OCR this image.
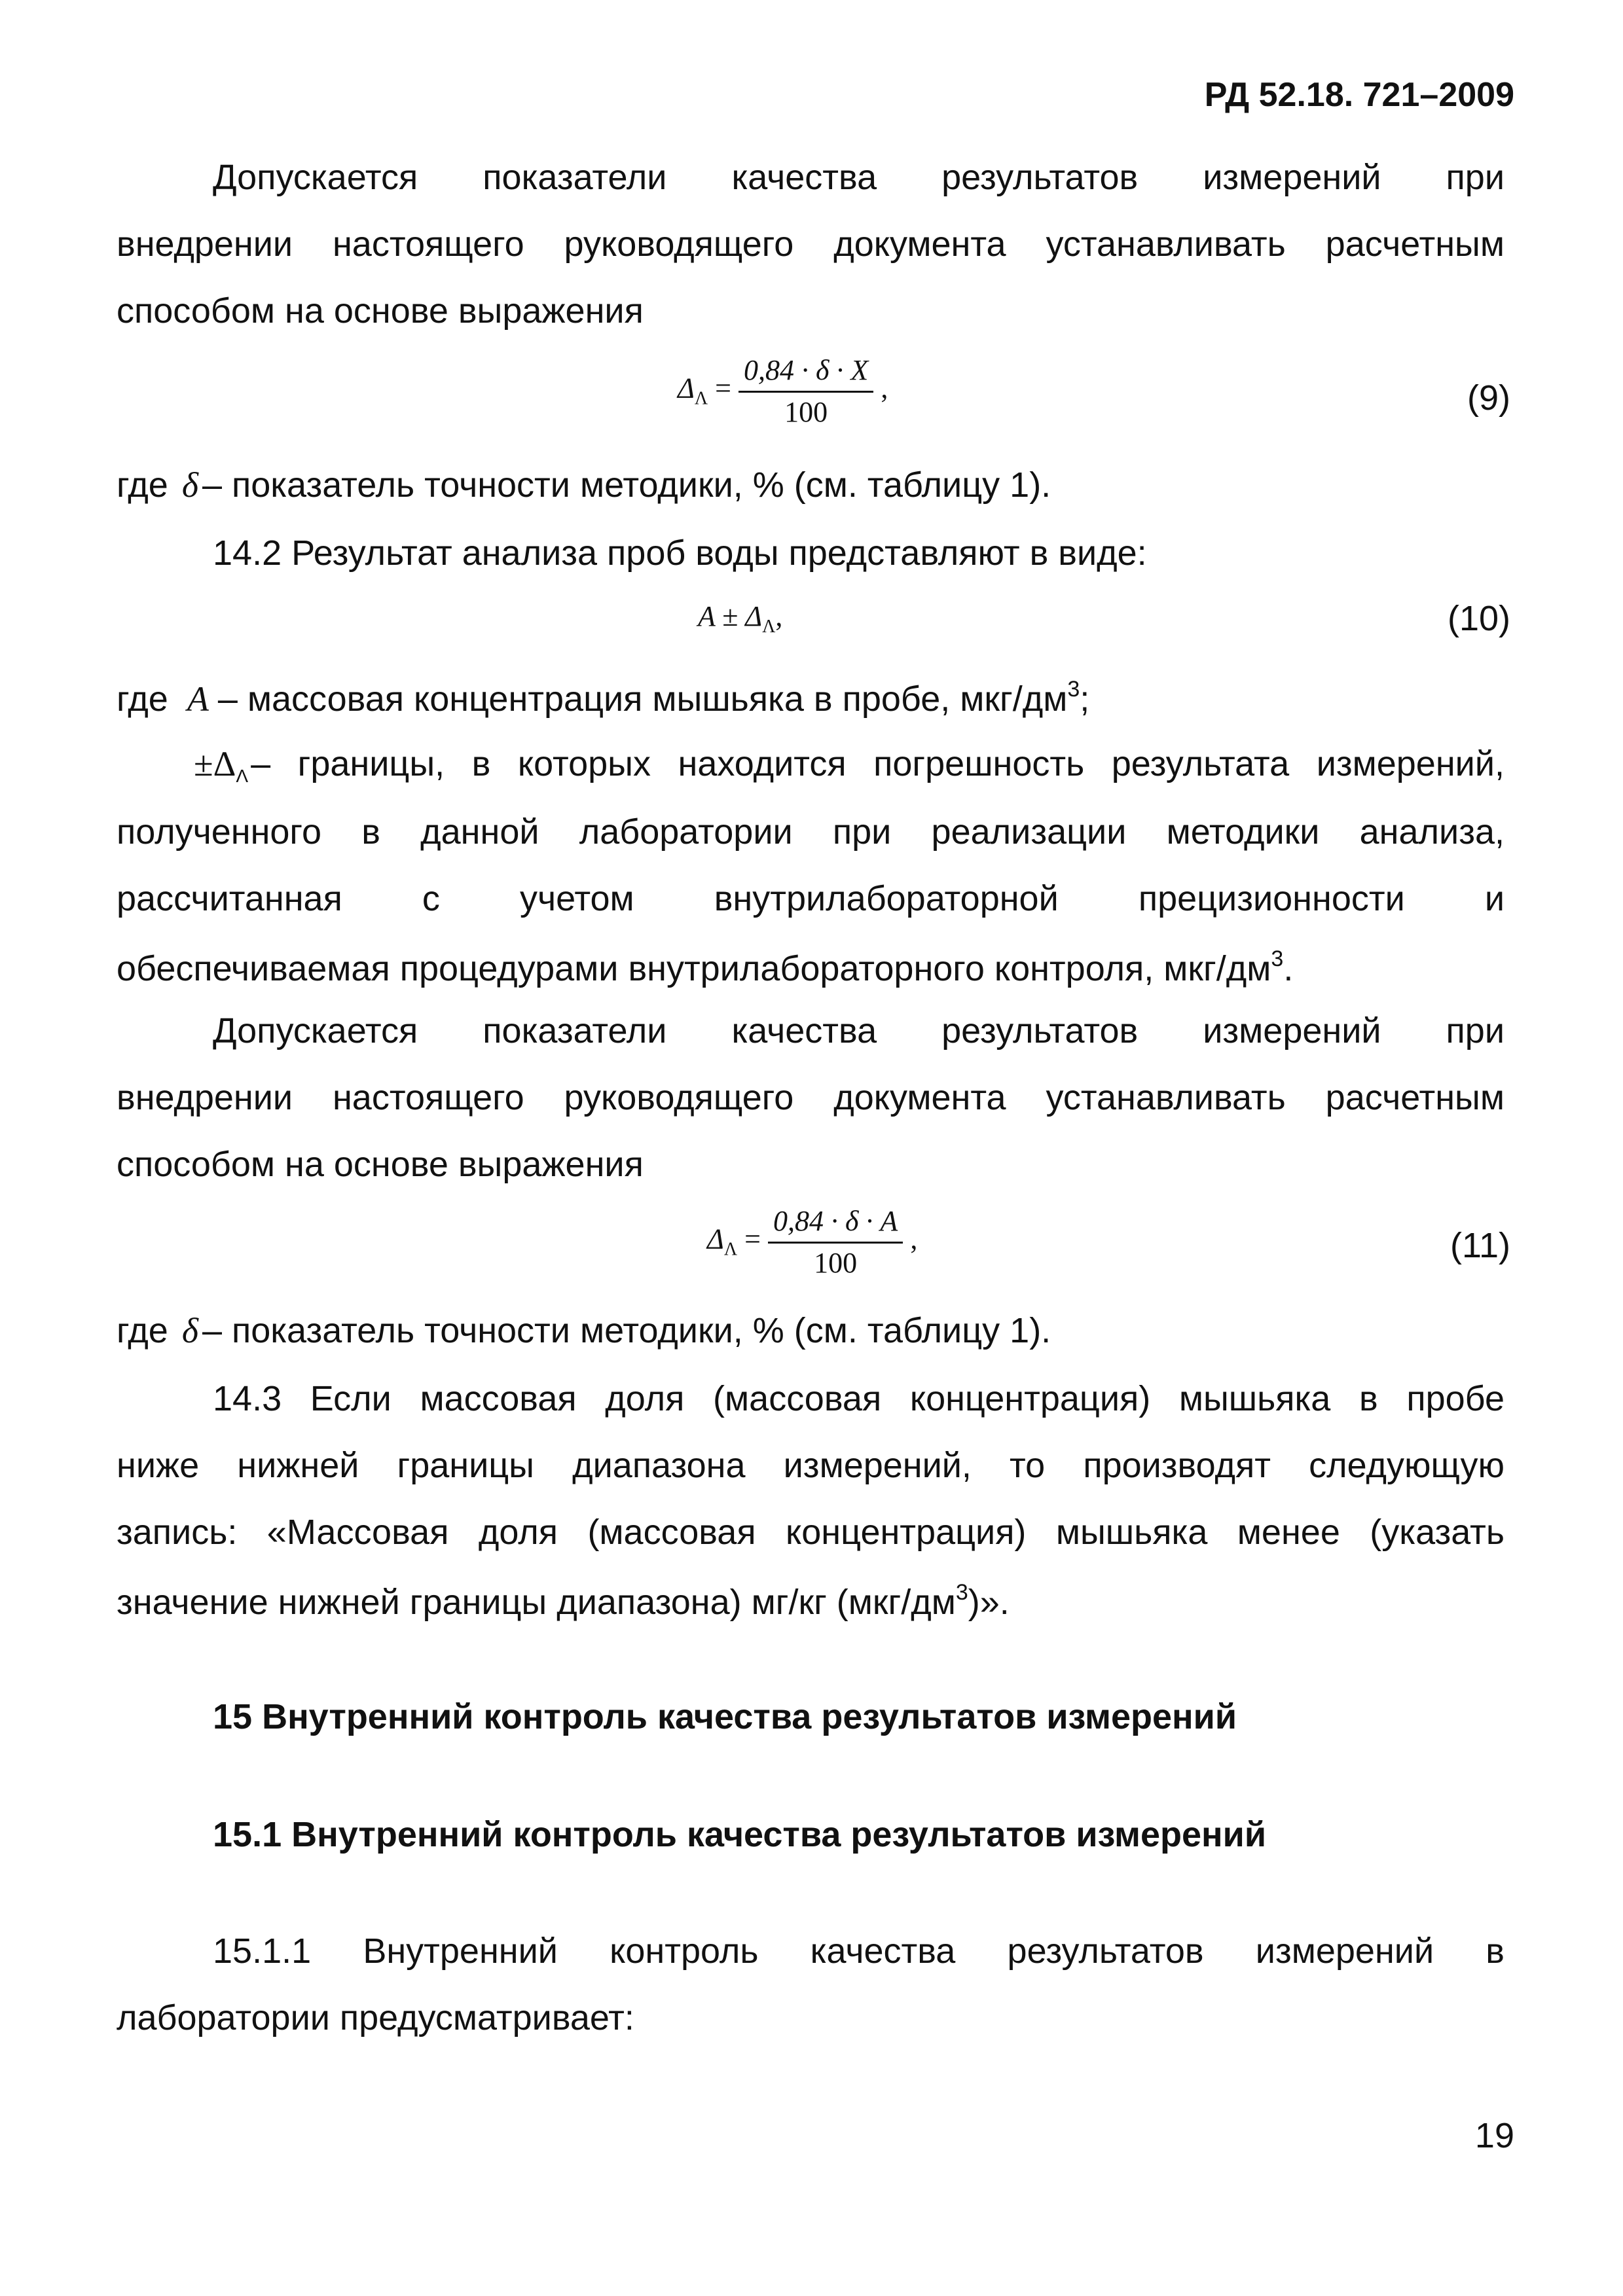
РД 52.18. 721–2009
Допускается показатели качества результатов измерений при
внедрении настоящего руководящего документа устанавливать расчетным
способом на основе выражения
$\Delta_\Lambda = \frac{0,84 \cdot \delta \cdot X}{100}$ ,	(9)
где δ – показатель точности методики, % (см. таблицу 1).
14.2 Результат анализа проб воды представляют в виде:
$A \pm \Delta_\Lambda$,	(10)
где A – массовая концентрация мышьяка в пробе, мкг/$дм^3$;
$\pm\Delta_\Lambda$ – границы, в которых находится погрешность результата измерений,
полученного в данной лаборатории при реализации методики анализа,
рассчитанная с учетом внутрилабораторной прецизионности и
обеспечиваемая процедурами внутрилабораторного контроля, мкг/$дм^3$.
Допускается показатели качества результатов измерений при
внедрении настоящего руководящего документа устанавливать расчетным
способом на основе выражения
$\Delta_\Lambda = \frac{0,84 \cdot \delta \cdot A}{100}$ ,	(11)
где δ – показатель точности методики, % (см. таблицу 1).
14.3 Если массовая доля (массовая концентрация) мышьяка в пробе
ниже нижней границы диапазона измерений, то производят следующую
запись: «Массовая доля (массовая концентрация) мышьяка менее (указать
значение нижней границы диапазона) мг/кг $(мкг/дм^3)$».
15 Внутренний контроль качества результатов измерений
15.1 Внутренний контроль качества результатов измерений
15.1.1 Внутренний контроль качества результатов измерений в
лаборатории предусматривает:
19
